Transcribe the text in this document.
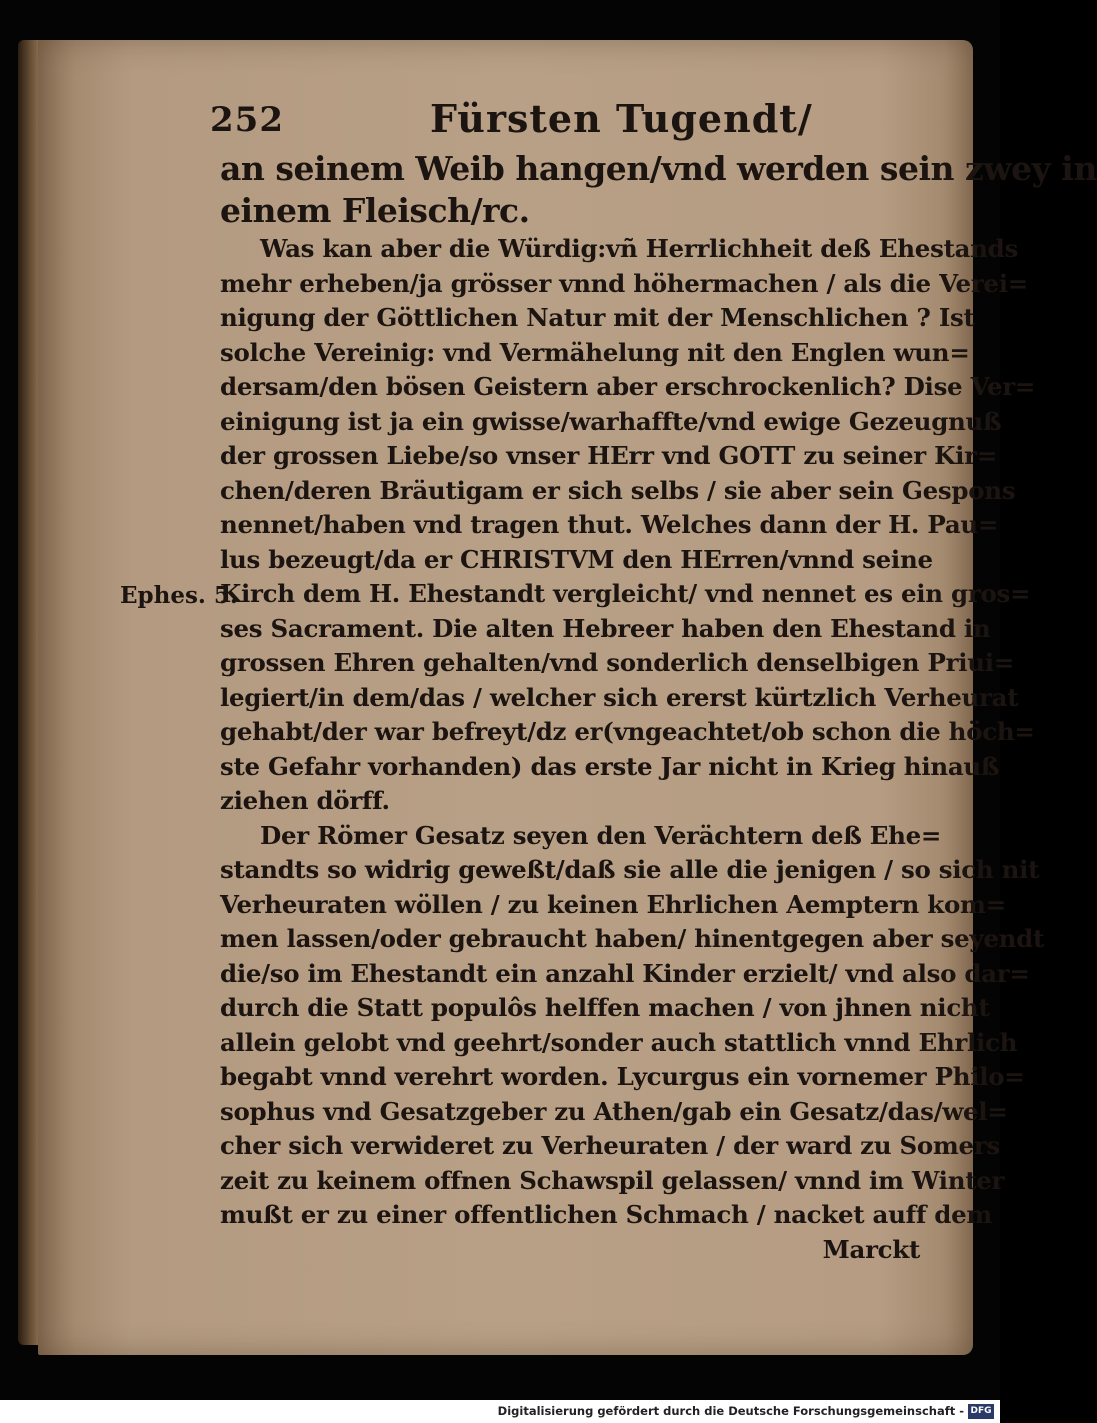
252	Fürsten Tugendt/
Ephes. 5.
an seinem Weib hangen/vnd werden sein zwey in
einem Fleisch/rc.
Was kan aber die Würdig:vñ Herrlichheit deß Ehestands
mehr erheben/ja grösser vnnd höhermachen / als die Verei=
nigung der Göttlichen Natur mit der Menschlichen ? Ist
solche Vereinig: vnd Vermähelung nit den Englen wun=
dersam/den bösen Geistern aber erschrockenlich? Dise Ver=
einigung ist ja ein gwisse/warhaffte/vnd ewige Gezeugnuß
der grossen Liebe/so vnser HErr vnd GOTT zu seiner Kir=
chen/deren Bräutigam er sich selbs / sie aber sein Gespons
nennet/haben vnd tragen thut. Welches dann der H. Pau=
lus bezeugt/da er CHRISTVM den HErren/vnnd seine
Kirch dem H. Ehestandt vergleicht/ vnd nennet es ein gros=
ses Sacrament. Die alten Hebreer haben den Ehestand in
grossen Ehren gehalten/vnd sonderlich denselbigen Priui=
legiert/in dem/das / welcher sich ererst kürtzlich Verheurat
gehabt/der war befreyt/dz er(vngeachtet/ob schon die höch=
ste Gefahr vorhanden) das erste Jar nicht in Krieg hinauß
ziehen dörff.
Der Römer Gesatz seyen den Verächtern deß Ehe=
standts so widrig geweßt/daß sie alle die jenigen / so sich nit
Verheuraten wöllen / zu keinen Ehrlichen Aemptern kom=
men lassen/oder gebraucht haben/ hinentgegen aber seyendt
die/so im Ehestandt ein anzahl Kinder erzielt/ vnd also dar=
durch die Statt populôs helffen machen / von jhnen nicht
allein gelobt vnd geehrt/sonder auch stattlich vnnd Ehrlich
begabt vnnd verehrt worden. Lycurgus ein vornemer Philo=
sophus vnd Gesatzgeber zu Athen/gab ein Gesatz/das/wel=
cher sich verwideret zu Verheuraten / der ward zu Somers
zeit zu keinem offnen Schawspil gelassen/ vnnd im Winter
mußt er zu einer offentlichen Schmach / nacket auff dem
Marckt
Digitalisierung gefördert durch die Deutsche Forschungsgemeinschaft - DFG
